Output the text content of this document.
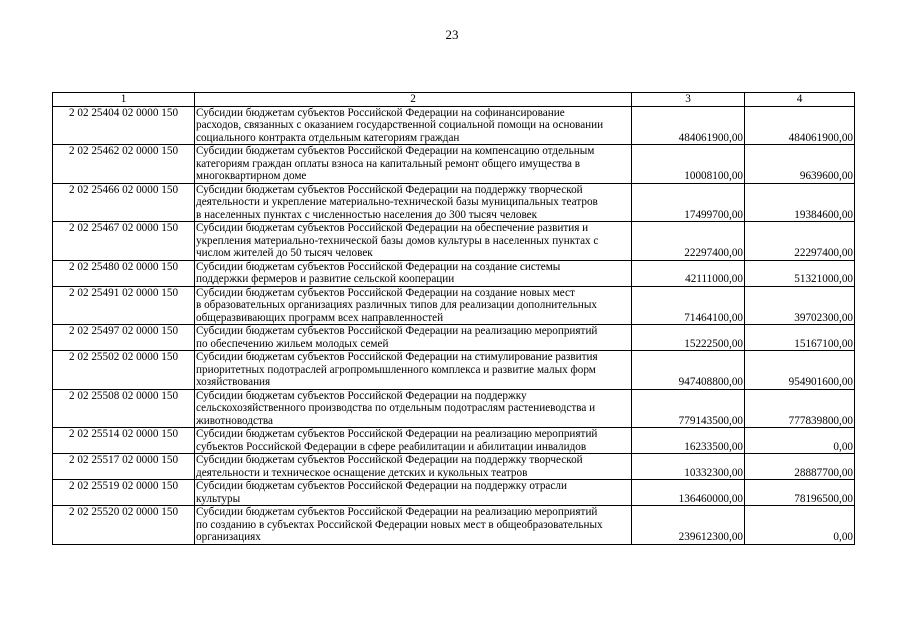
23
1	2	3	4
2 02 25404 02 0000 150	Субсидии бюджетам субъектов Российской Федерации на софинансирование
расходов, связанных с оказанием государственной социальной помощи на основании
социального контракта отдельным категориям граждан	484061900,00	484061900,00
2 02 25462 02 0000 150	Субсидии бюджетам субъектов Российской Федерации на компенсацию отдельным
категориям граждан оплаты взноса на капитальный ремонт общего имущества в
многоквартирном доме	10008100,00	9639600,00
2 02 25466 02 0000 150	Субсидии бюджетам субъектов Российской Федерации на поддержку творческой
деятельности и укрепление материально-технической базы муниципальных театров
в населенных пунктах с численностью населения до 300 тысяч человек	17499700,00	19384600,00
2 02 25467 02 0000 150	Субсидии бюджетам субъектов Российской Федерации на обеспечение развития и
укрепления материально-технической базы домов культуры в населенных пунктах с
числом жителей до 50 тысяч человек	22297400,00	22297400,00
2 02 25480 02 0000 150	Субсидии бюджетам субъектов Российской Федерации на создание системы
поддержки фермеров и развитие сельской кооперации	42111000,00	51321000,00
2 02 25491 02 0000 150	Субсидии бюджетам субъектов Российской Федерации на создание новых мест
в образовательных организациях различных типов для реализации дополнительных
общеразвивающих программ всех направленностей	71464100,00	39702300,00
2 02 25497 02 0000 150	Субсидии бюджетам субъектов Российской Федерации на реализацию мероприятий
по обеспечению жильем молодых семей	15222500,00	15167100,00
2 02 25502 02 0000 150	Субсидии бюджетам субъектов Российской Федерации на стимулирование развития
приоритетных подотраслей агропромышленного комплекса и развитие малых форм
хозяйствования	947408800,00	954901600,00
2 02 25508 02 0000 150	Субсидии бюджетам субъектов Российской Федерации на поддержку
сельскохозяйственного производства по отдельным подотраслям растениеводства и
животноводства	779143500,00	777839800,00
2 02 25514 02 0000 150	Субсидии бюджетам субъектов Российской Федерации на реализацию мероприятий
субъектов Российской Федерации в сфере реабилитации и абилитации инвалидов	16233500,00	0,00
2 02 25517 02 0000 150	Субсидии бюджетам субъектов Российской Федерации на поддержку творческой
деятельности и техническое оснащение детских и кукольных театров	10332300,00	28887700,00
2 02 25519 02 0000 150	Субсидии бюджетам субъектов Российской Федерации на поддержку отрасли
культуры	136460000,00	78196500,00
2 02 25520 02 0000 150	Субсидии бюджетам субъектов Российской Федерации на реализацию мероприятий
по созданию в субъектах Российской Федерации новых мест в общеобразовательных
организациях	239612300,00	0,00
